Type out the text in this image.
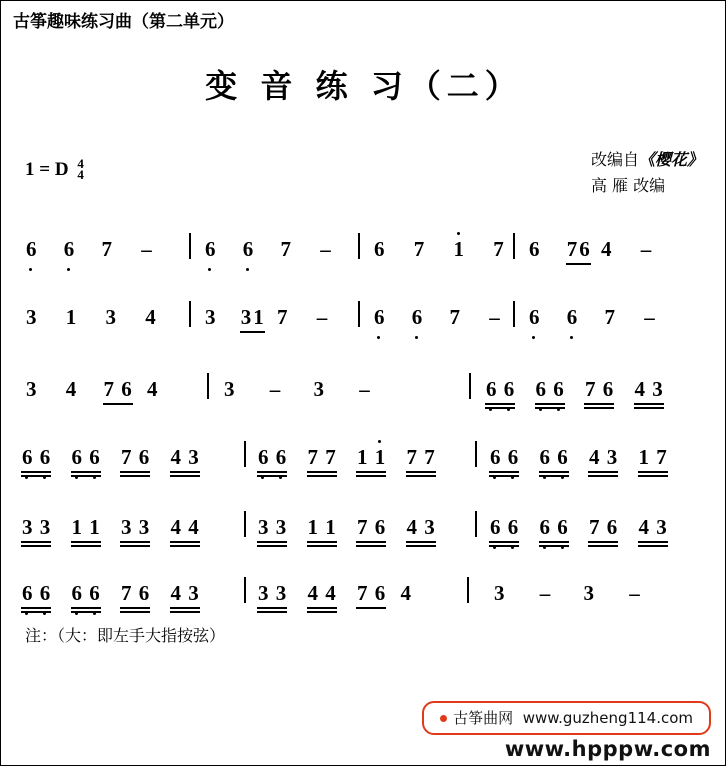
古筝趣味练习曲（第二单元）
变 音 练 习（二）
1 = D 4
4
改编自《樱花》
高 雁 改编
6 6 7 –	6 6 7 – 6 7 1 7 6 76 4 –
3 1 3 4 3 31 7 – 6 6 7 – 6 6 7 –
3 4 7 6 4	3 – 3 –	6 6 6 6 7 6 4 3
6 6 6 6 7 6 4 3	6 6 7 7 1 1 7 7	6 6 6 6 4 3 1 7
3 3 1 1 3 3 4 4	3 3 1 1 7 6 4 3	6 6 6 6 7 6 4 3
6 6 6 6 7 6 4 3	3 3 4 4 7 6 4	3 – 3 –
注：（大：即左手大指按弦）
古筝曲网 www.guzheng114.com
www.hpppw.com
